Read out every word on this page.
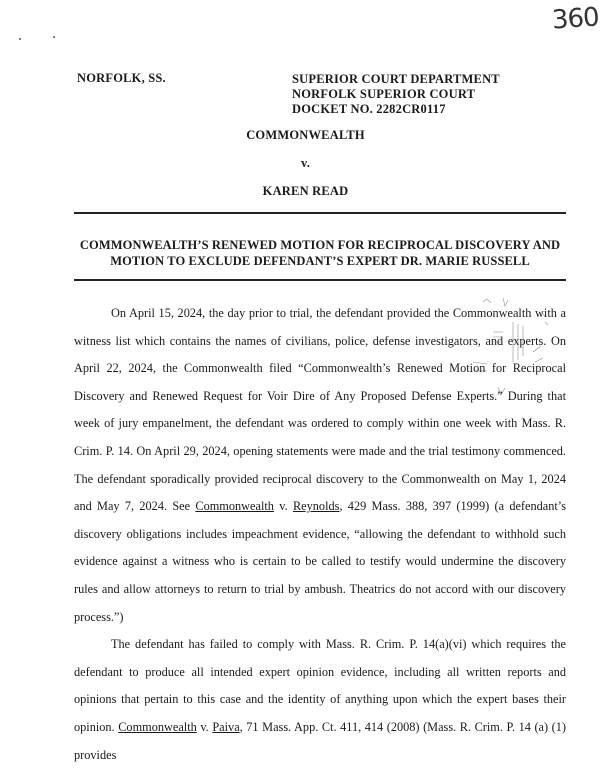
360
NORFOLK, SS.	SUPERIOR COURT DEPARTMENT
NORFOLK SUPERIOR COURT
DOCKET NO. 2282CR0117
COMMONWEALTH
v.
KAREN READ
COMMONWEALTH’S RENEWED MOTION FOR RECIPROCAL DISCOVERY AND
MOTION TO EXCLUDE DEFENDANT’S EXPERT DR. MARIE RUSSELL

On April 15, 2024, the day prior to trial, the defendant provided the Commonwealth with a witness list which contains the names of civilians, police, defense investigators, and experts. On April 22, 2024, the Commonwealth filed “Commonwealth’s Renewed Motion for Reciprocal Discovery and Renewed Request for Voir Dire of Any Proposed Defense Experts.” During that week of jury empanelment, the defendant was ordered to comply within one week with Mass. R. Crim. P. 14. On April 29, 2024, opening statements were made and the trial testimony commenced. The defendant sporadically provided reciprocal discovery to the Commonwealth on May 1, 2024 and May 7, 2024. See Commonwealth v. Reynolds, 429 Mass. 388, 397 (1999) (a defendant’s discovery obligations includes impeachment evidence, “allowing the defendant to withhold such evidence against a witness who is certain to be called to testify would undermine the discovery rules and allow attorneys to return to trial by ambush. Theatrics do not accord with our discovery process.”)

The defendant has failed to comply with Mass. R. Crim. P. 14(a)(vi) which requires the defendant to produce all intended expert opinion evidence, including all written reports and opinions that pertain to this case and the identity of anything upon which the expert bases their opinion. Commonwealth v. Paiva, 71 Mass. App. Ct. 411, 414 (2008) (Mass. R. Crim. P. 14 (a) (1) provides
